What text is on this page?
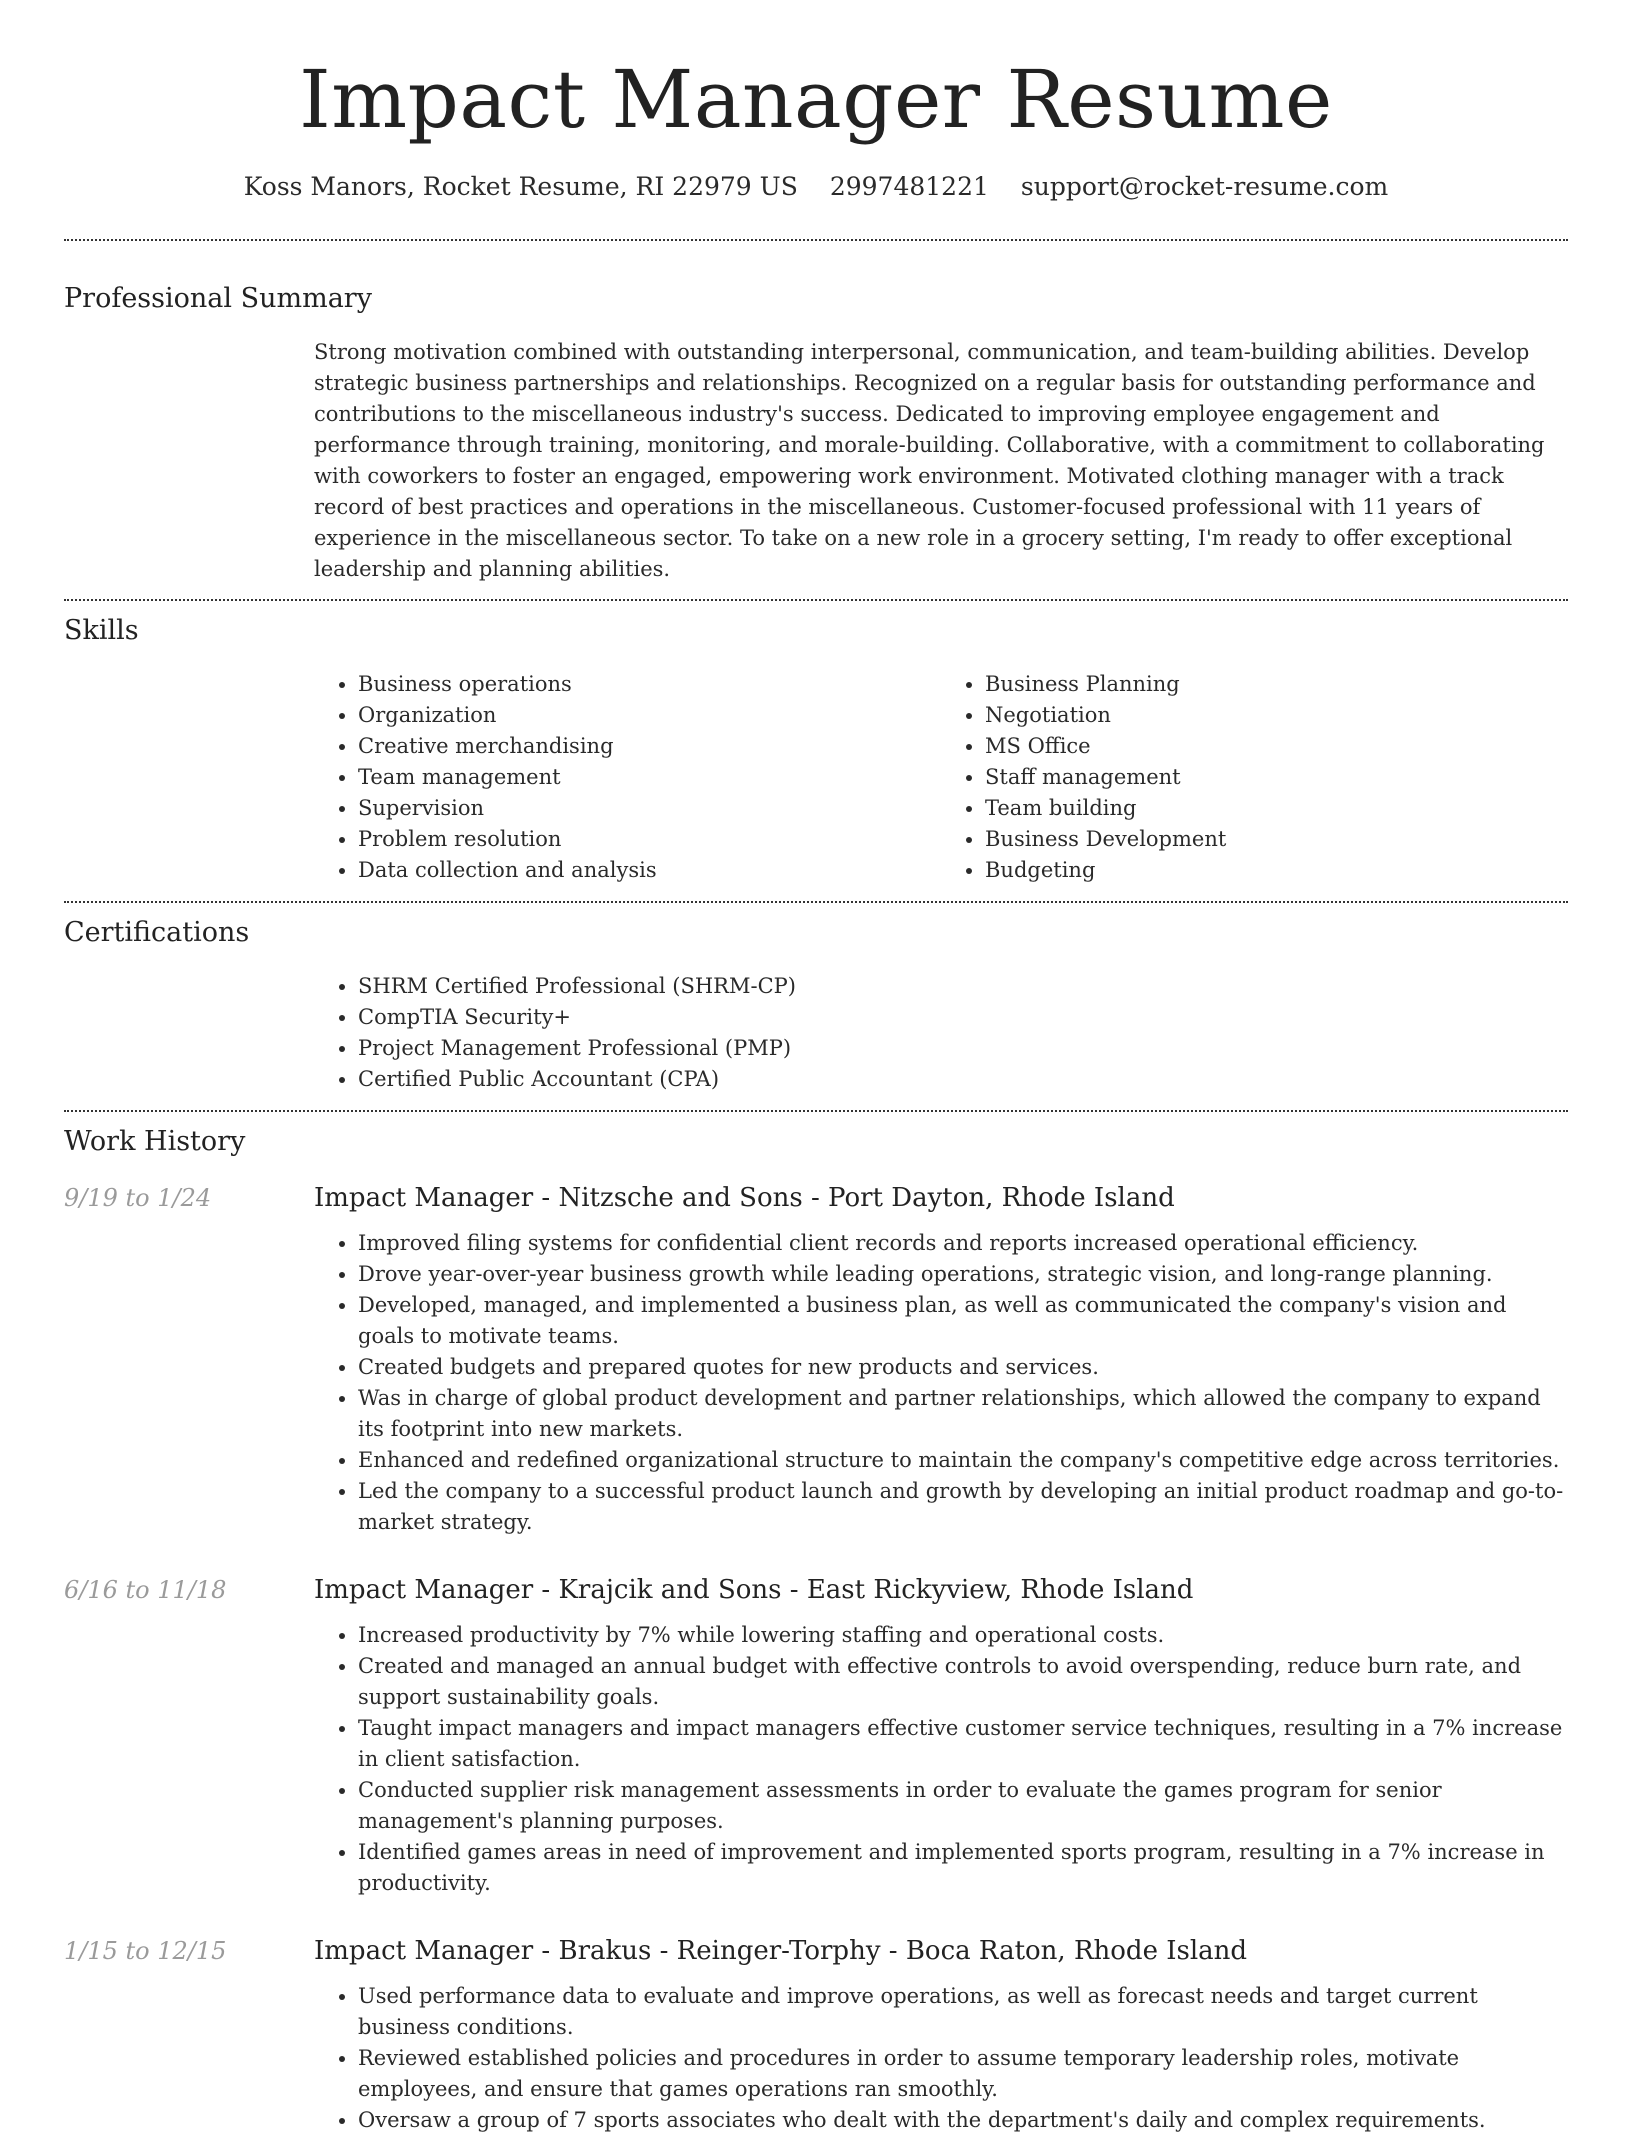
Impact Manager Resume
Koss Manors, Rocket Resume, RI 22979 US 2997481221 support@rocket-resume.com
Professional Summary
Strong motivation combined with outstanding interpersonal, communication, and team-building abilities. Develop strategic business partnerships and relationships. Recognized on a regular basis for outstanding performance and contributions to the miscellaneous industry's success. Dedicated to improving employee engagement and performance through training, monitoring, and morale-building. Collaborative, with a commitment to collaborating with coworkers to foster an engaged, empowering work environment. Motivated clothing manager with a track record of best practices and operations in the miscellaneous. Customer-focused professional with 11 years of experience in the miscellaneous sector. To take on a new role in a grocery setting, I'm ready to offer exceptional leadership and planning abilities.
Skills
• Business operations
• Organization
• Creative merchandising
• Team management
• Supervision
• Problem resolution
• Data collection and analysis
• Business Planning
• Negotiation
• MS Office
• Staff management
• Team building
• Business Development
• Budgeting
Certifications
• SHRM Certified Professional (SHRM-CP)
• CompTIA Security+
• Project Management Professional (PMP)
• Certified Public Accountant (CPA)
Work History
9/19 to 1/24	Impact Manager - Nitzsche and Sons - Port Dayton, Rhode Island
• Improved filing systems for confidential client records and reports increased operational efficiency.
• Drove year-over-year business growth while leading operations, strategic vision, and long-range planning.
• Developed, managed, and implemented a business plan, as well as communicated the company's vision and goals to motivate teams.
• Created budgets and prepared quotes for new products and services.
• Was in charge of global product development and partner relationships, which allowed the company to expand its footprint into new markets.
• Enhanced and redefined organizational structure to maintain the company's competitive edge across territories.
• Led the company to a successful product launch and growth by developing an initial product roadmap and go-to-market strategy.
6/16 to 11/18	Impact Manager - Krajcik and Sons - East Rickyview, Rhode Island
• Increased productivity by 7% while lowering staffing and operational costs.
• Created and managed an annual budget with effective controls to avoid overspending, reduce burn rate, and support sustainability goals.
• Taught impact managers and impact managers effective customer service techniques, resulting in a 7% increase in client satisfaction.
• Conducted supplier risk management assessments in order to evaluate the games program for senior management's planning purposes.
• Identified games areas in need of improvement and implemented sports program, resulting in a 7% increase in productivity.
1/15 to 12/15	Impact Manager - Brakus - Reinger-Torphy - Boca Raton, Rhode Island
• Used performance data to evaluate and improve operations, as well as forecast needs and target current business conditions.
• Reviewed established policies and procedures in order to assume temporary leadership roles, motivate employees, and ensure that games operations ran smoothly.
• Oversaw a group of 7 sports associates who dealt with the department's daily and complex requirements.
